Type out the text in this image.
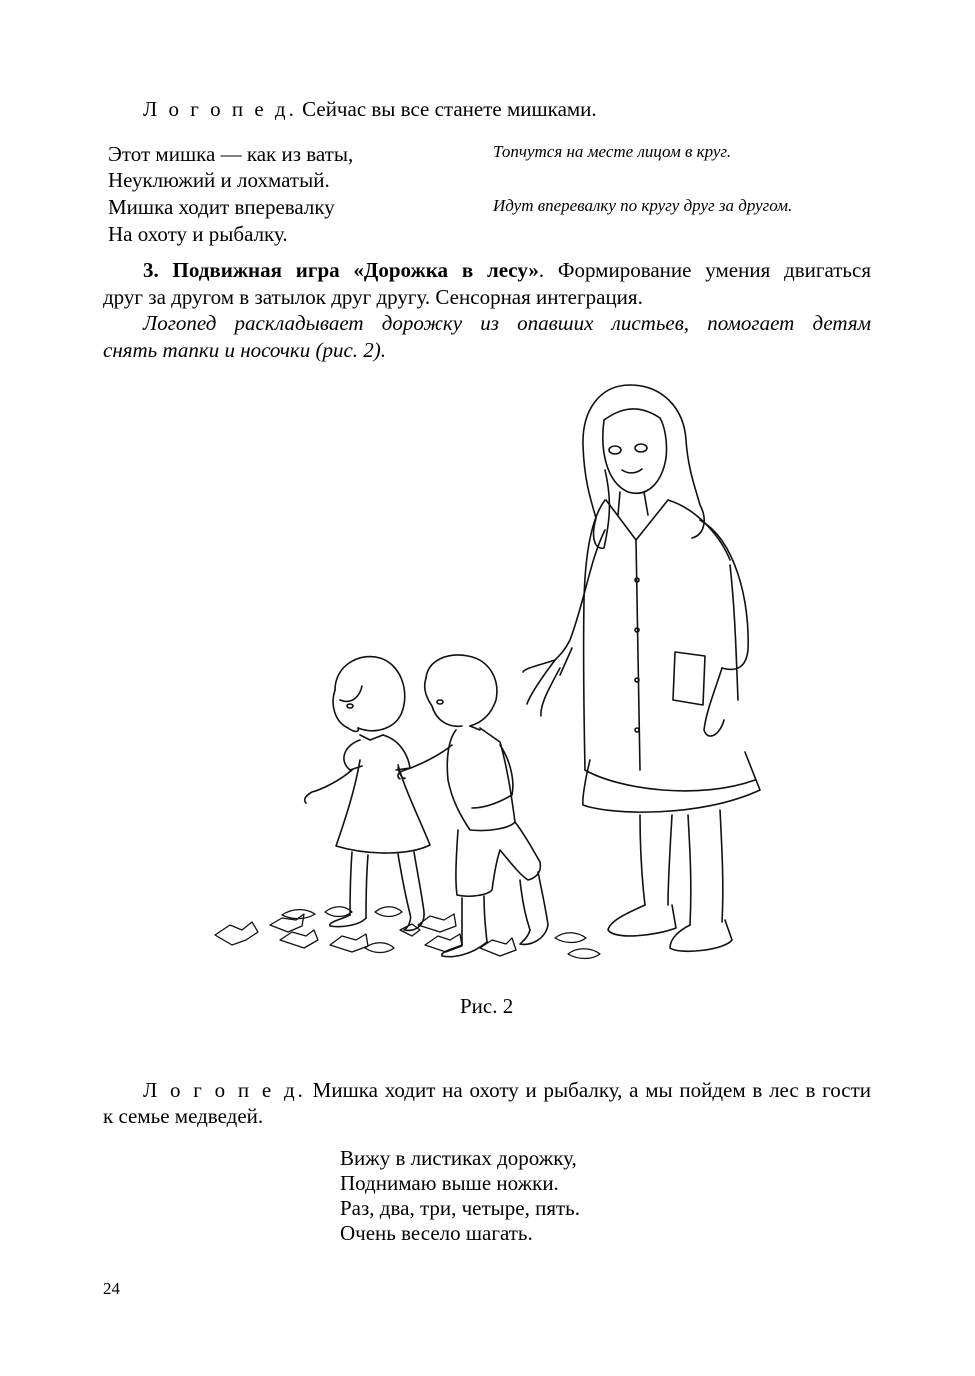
Л о г о п е д. Сейчас вы все станете мишками.
Этот мишка — как из ваты,
Неуклюжий и лохматый.
Мишка ходит вперевалку
На охоту и рыбалку.
Топчутся на месте лицом в круг.
Идут вперевалку по кругу друг за другом.
3. Подвижная игра «Дорожка в лесу». Формирование умения двигаться
друг за другом в затылок друг другу. Сенсорная интеграция.
Логопед раскладывает дорожку из опавших листьев, помогает детям
снять тапки и носочки (рис. 2).
Рис. 2
Л о г о п е д. Мишка ходит на охоту и рыбалку, а мы пойдем в лес в гости
к семье медведей.
Вижу в листиках дорожку,
Поднимаю выше ножки.
Раз, два, три, четыре, пять.
Очень весело шагать.
24
